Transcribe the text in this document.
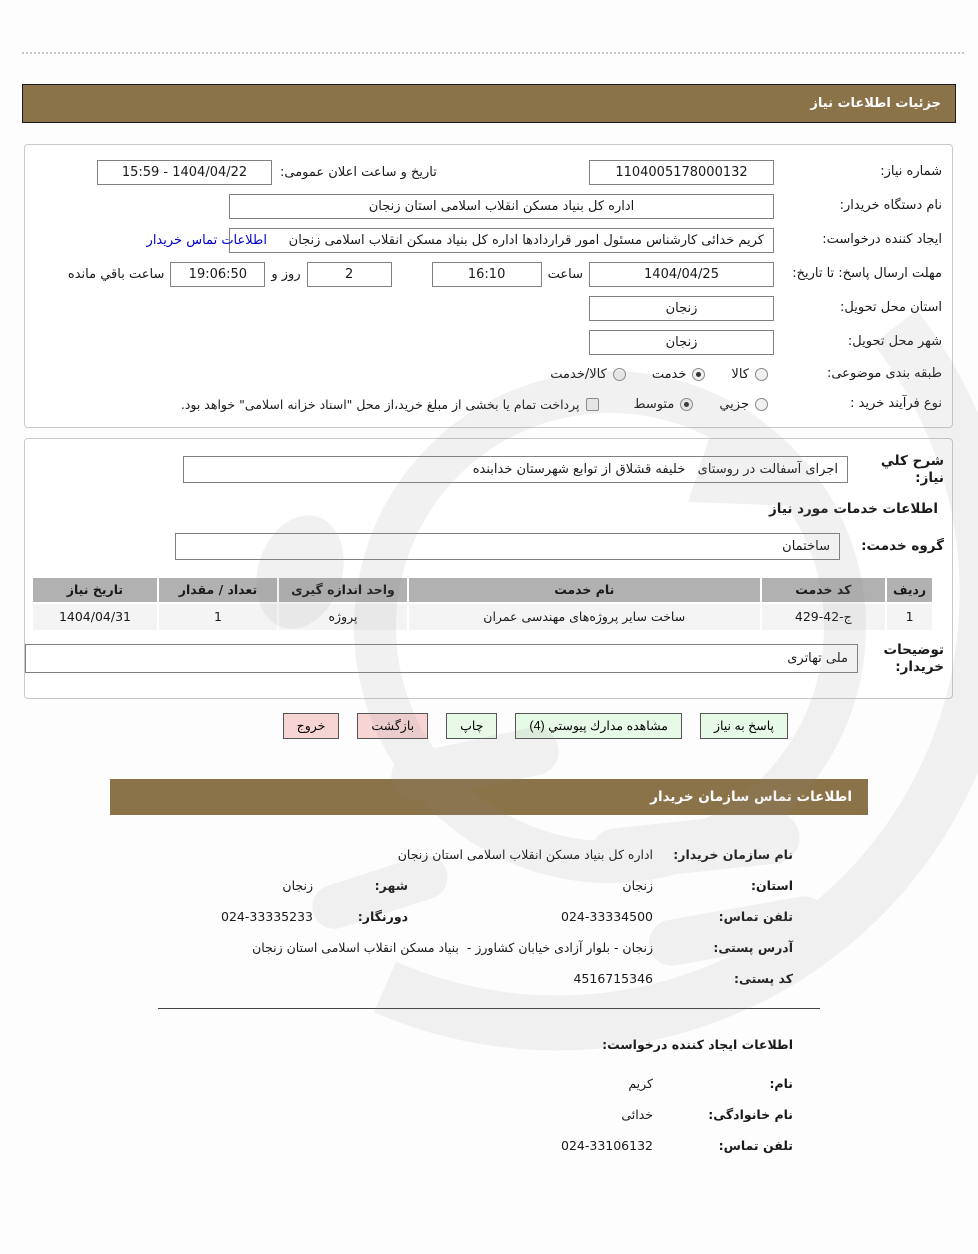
جزئيات اطلاعات نياز
شماره نیاز:
1104005178000132
تاریخ و ساعت اعلان عمومی:
15:59 - 1404/04/22
نام دستگاه خریدار:
اداره کل بنیاد مسکن انقلاب اسلامی استان زنجان
ایجاد کننده درخواست:
کریم خدائی کارشناس مسئول امور قراردادها اداره کل بنیاد مسکن انقلاب اسلامی زنجان
اطلاعات تماس خریدار
مهلت ارسال پاسخ: تا تاریخ:
1404/04/25
ساعت
16:10
2
روز و
19:06:50
ساعت باقي مانده
استان محل تحویل:
زنجان
شهر محل تحویل:
زنجان
طبقه بندی موضوعی:
کالا
خدمت
کالا/خدمت
نوع فرآیند خرید :
جزيي
متوسط
پرداخت تمام یا بخشی از مبلغ خرید،از محل "اسناد خزانه اسلامی" خواهد بود.
شرح كلي نياز:
اجرای آسفالت در روستای   خلیفه قشلاق از توابع شهرستان خدابنده
اطلاعات خدمات مورد نیاز
گروه خدمت:
ساختمان
ردیف	کد خدمت	نام خدمت	واحد اندازه گیری	تعداد / مقدار	تاریخ نیاز
1	ج-42-429	ساخت سایر پروژه‌های مهندسی عمران	پروژه	1	1404/04/31
توضیحات خریدار:
ملی تهاتری
پاسخ به نیاز
مشاهده مدارك پيوستي (4)
چاپ
بازگشت
خروج
اطلاعات تماس سازمان خریدار
نام سازمان خریدار:
اداره کل بنیاد مسکن انقلاب اسلامی استان زنجان
استان:
زنجان
شهر:
زنجان
تلفن تماس:
024-33334500
دورنگار:
024-33335233
آدرس پستی:
زنجان - بلوار آزادی خیابان کشاورز -  بنیاد مسکن انقلاب اسلامی استان زنجان
کد پستی:
4516715346
اطلاعات ایجاد کننده درخواست:
نام:
کریم
نام خانوادگی:
خدائی
تلفن تماس:
024-33106132
